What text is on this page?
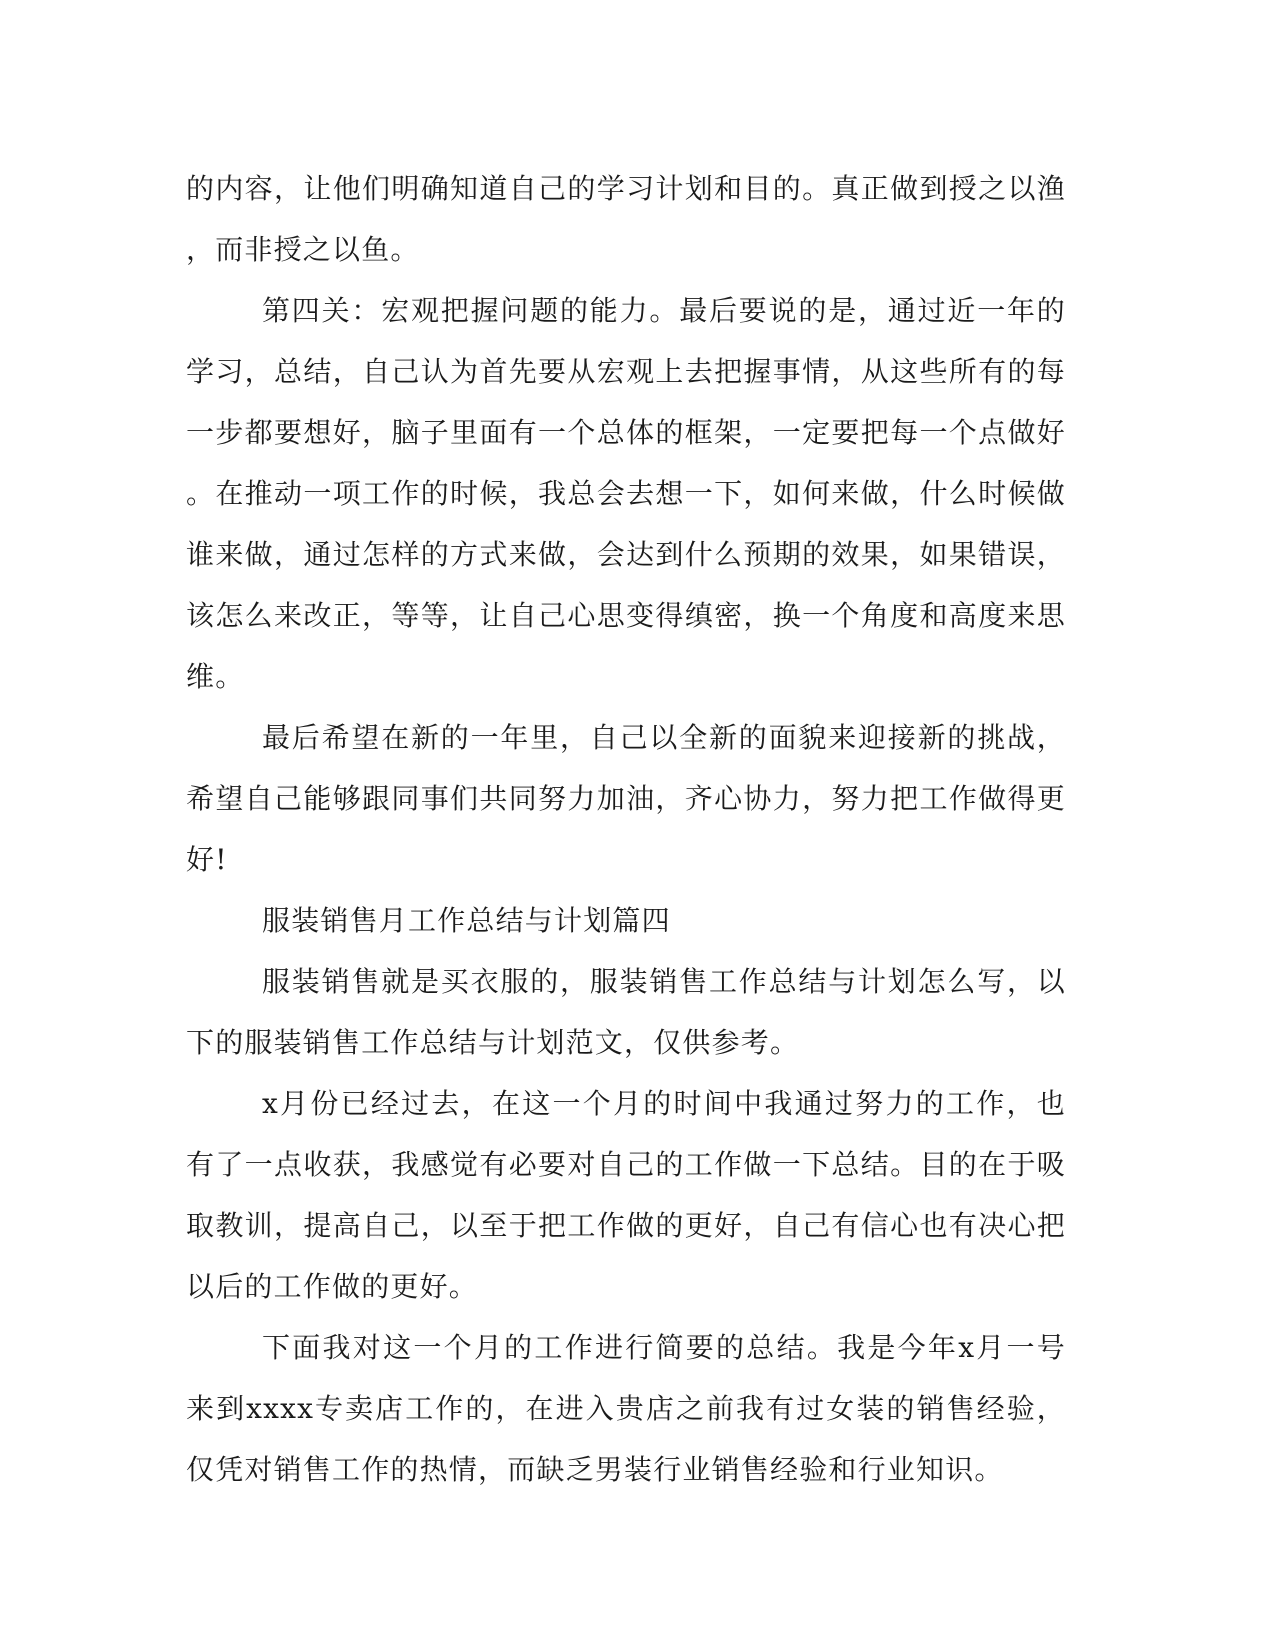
的内容，让他们明确知道自己的学习计划和目的。真正做到授之以渔，而非授之以鱼。

第四关：宏观把握问题的能力。最后要说的是，通过近一年的学习，总结，自己认为首先要从宏观上去把握事情，从这些所有的每一步都要想好，脑子里面有一个总体的框架，一定要把每一个点做好。在推动一项工作的时候，我总会去想一下，如何来做，什么时候做谁来做，通过怎样的方式来做，会达到什么预期的效果，如果错误，该怎么来改正，等等，让自己心思变得缜密，换一个角度和高度来思维。

最后希望在新的一年里，自己以全新的面貌来迎接新的挑战，希望自己能够跟同事们共同努力加油，齐心协力，努力把工作做得更好!

服装销售月工作总结与计划篇四

服装销售就是买衣服的，服装销售工作总结与计划怎么写，以下的服装销售工作总结与计划范文，仅供参考。

x月份已经过去，在这一个月的时间中我通过努力的工作，也有了一点收获，我感觉有必要对自己的工作做一下总结。目的在于吸取教训，提高自己，以至于把工作做的更好，自己有信心也有决心把以后的工作做的更好。

下面我对这一个月的工作进行简要的总结。我是今年x月一号来到xxxx专卖店工作的，在进入贵店之前我有过女装的销售经验，仅凭对销售工作的热情，而缺乏男装行业销售经验和行业知识。
